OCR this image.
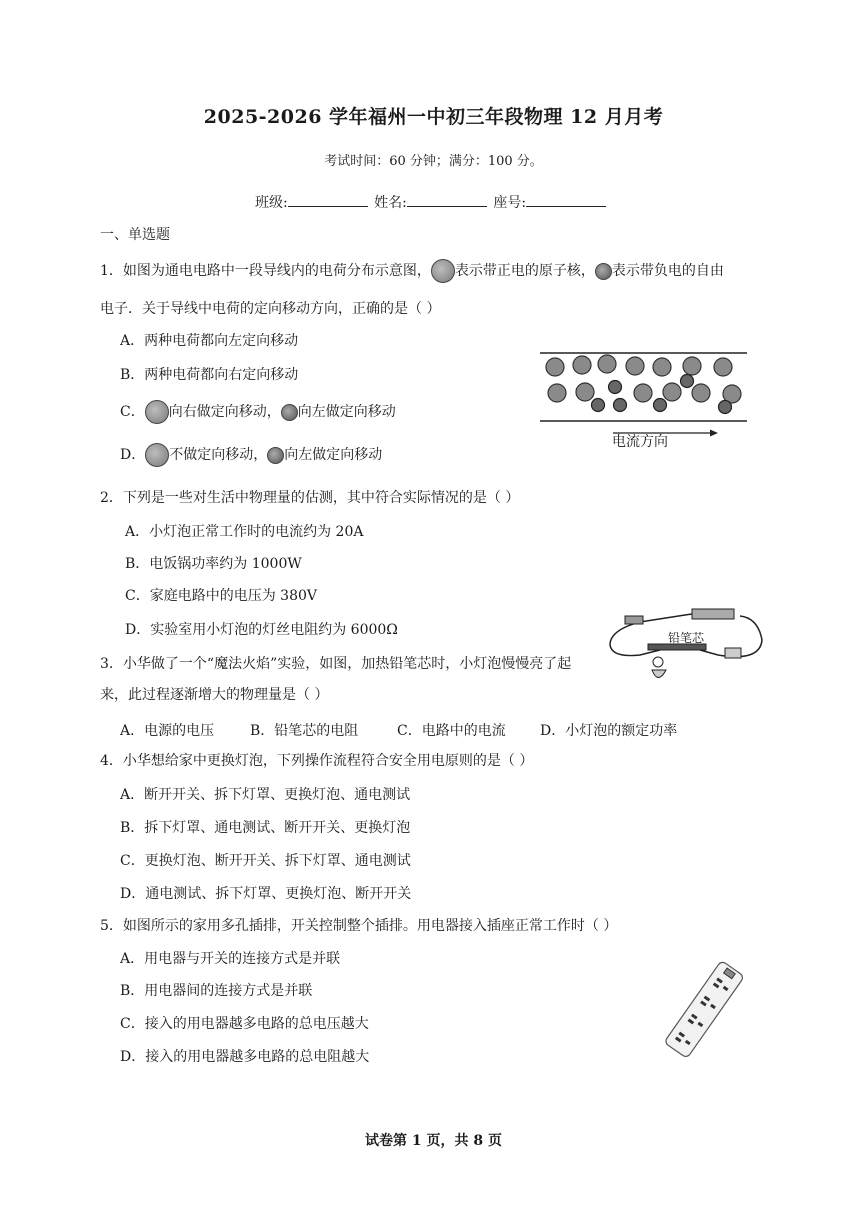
2025-2026 学年福州一中初三年段物理 12 月月考
考试时间：60 分钟；满分：100 分。
班级:	姓名:	座号:
一、单选题
1．如图为通电电路中一段导线内的电荷分布示意图， 表示带正电的原子核， 表示带负电的自由
电子．关于导线中电荷的定向移动方向，正确的是（ ）
A．两种电荷都向左定向移动
B．两种电荷都向右定向移动
C． 向右做定向移动， 向左做定向移动
D． 不做定向移动， 向左做定向移动
电流方向
2．下列是一些对生活中物理量的估测，其中符合实际情况的是（ ）
A．小灯泡正常工作时的电流约为 20A
B．电饭锅功率约为 1000W
C．家庭电路中的电压为 380V
D．实验室用小灯泡的灯丝电阻约为 6000Ω	铅笔芯
3．小华做了一个“魔法火焰”实验，如图，加热铅笔芯时，小灯泡慢慢亮了起
来，此过程逐渐增大的物理量是（ ）
A．电源的电压	B．铅笔芯的电阻	C．电路中的电流 D．小灯泡的额定功率
4．小华想给家中更换灯泡，下列操作流程符合安全用电原则的是（ ）
A．断开开关、拆下灯罩、更换灯泡、通电测试
B．拆下灯罩、通电测试、断开开关、更换灯泡
C．更换灯泡、断开开关、拆下灯罩、通电测试
D．通电测试、拆下灯罩、更换灯泡、断开开关
5．如图所示的家用多孔插排，开关控制整个插排。用电器接入插座正常工作时（ ）
A．用电器与开关的连接方式是并联
B．用电器间的连接方式是并联
C．接入的用电器越多电路的总电压越大
D．接入的用电器越多电路的总电阻越大
试卷第 1 页，共 8 页
